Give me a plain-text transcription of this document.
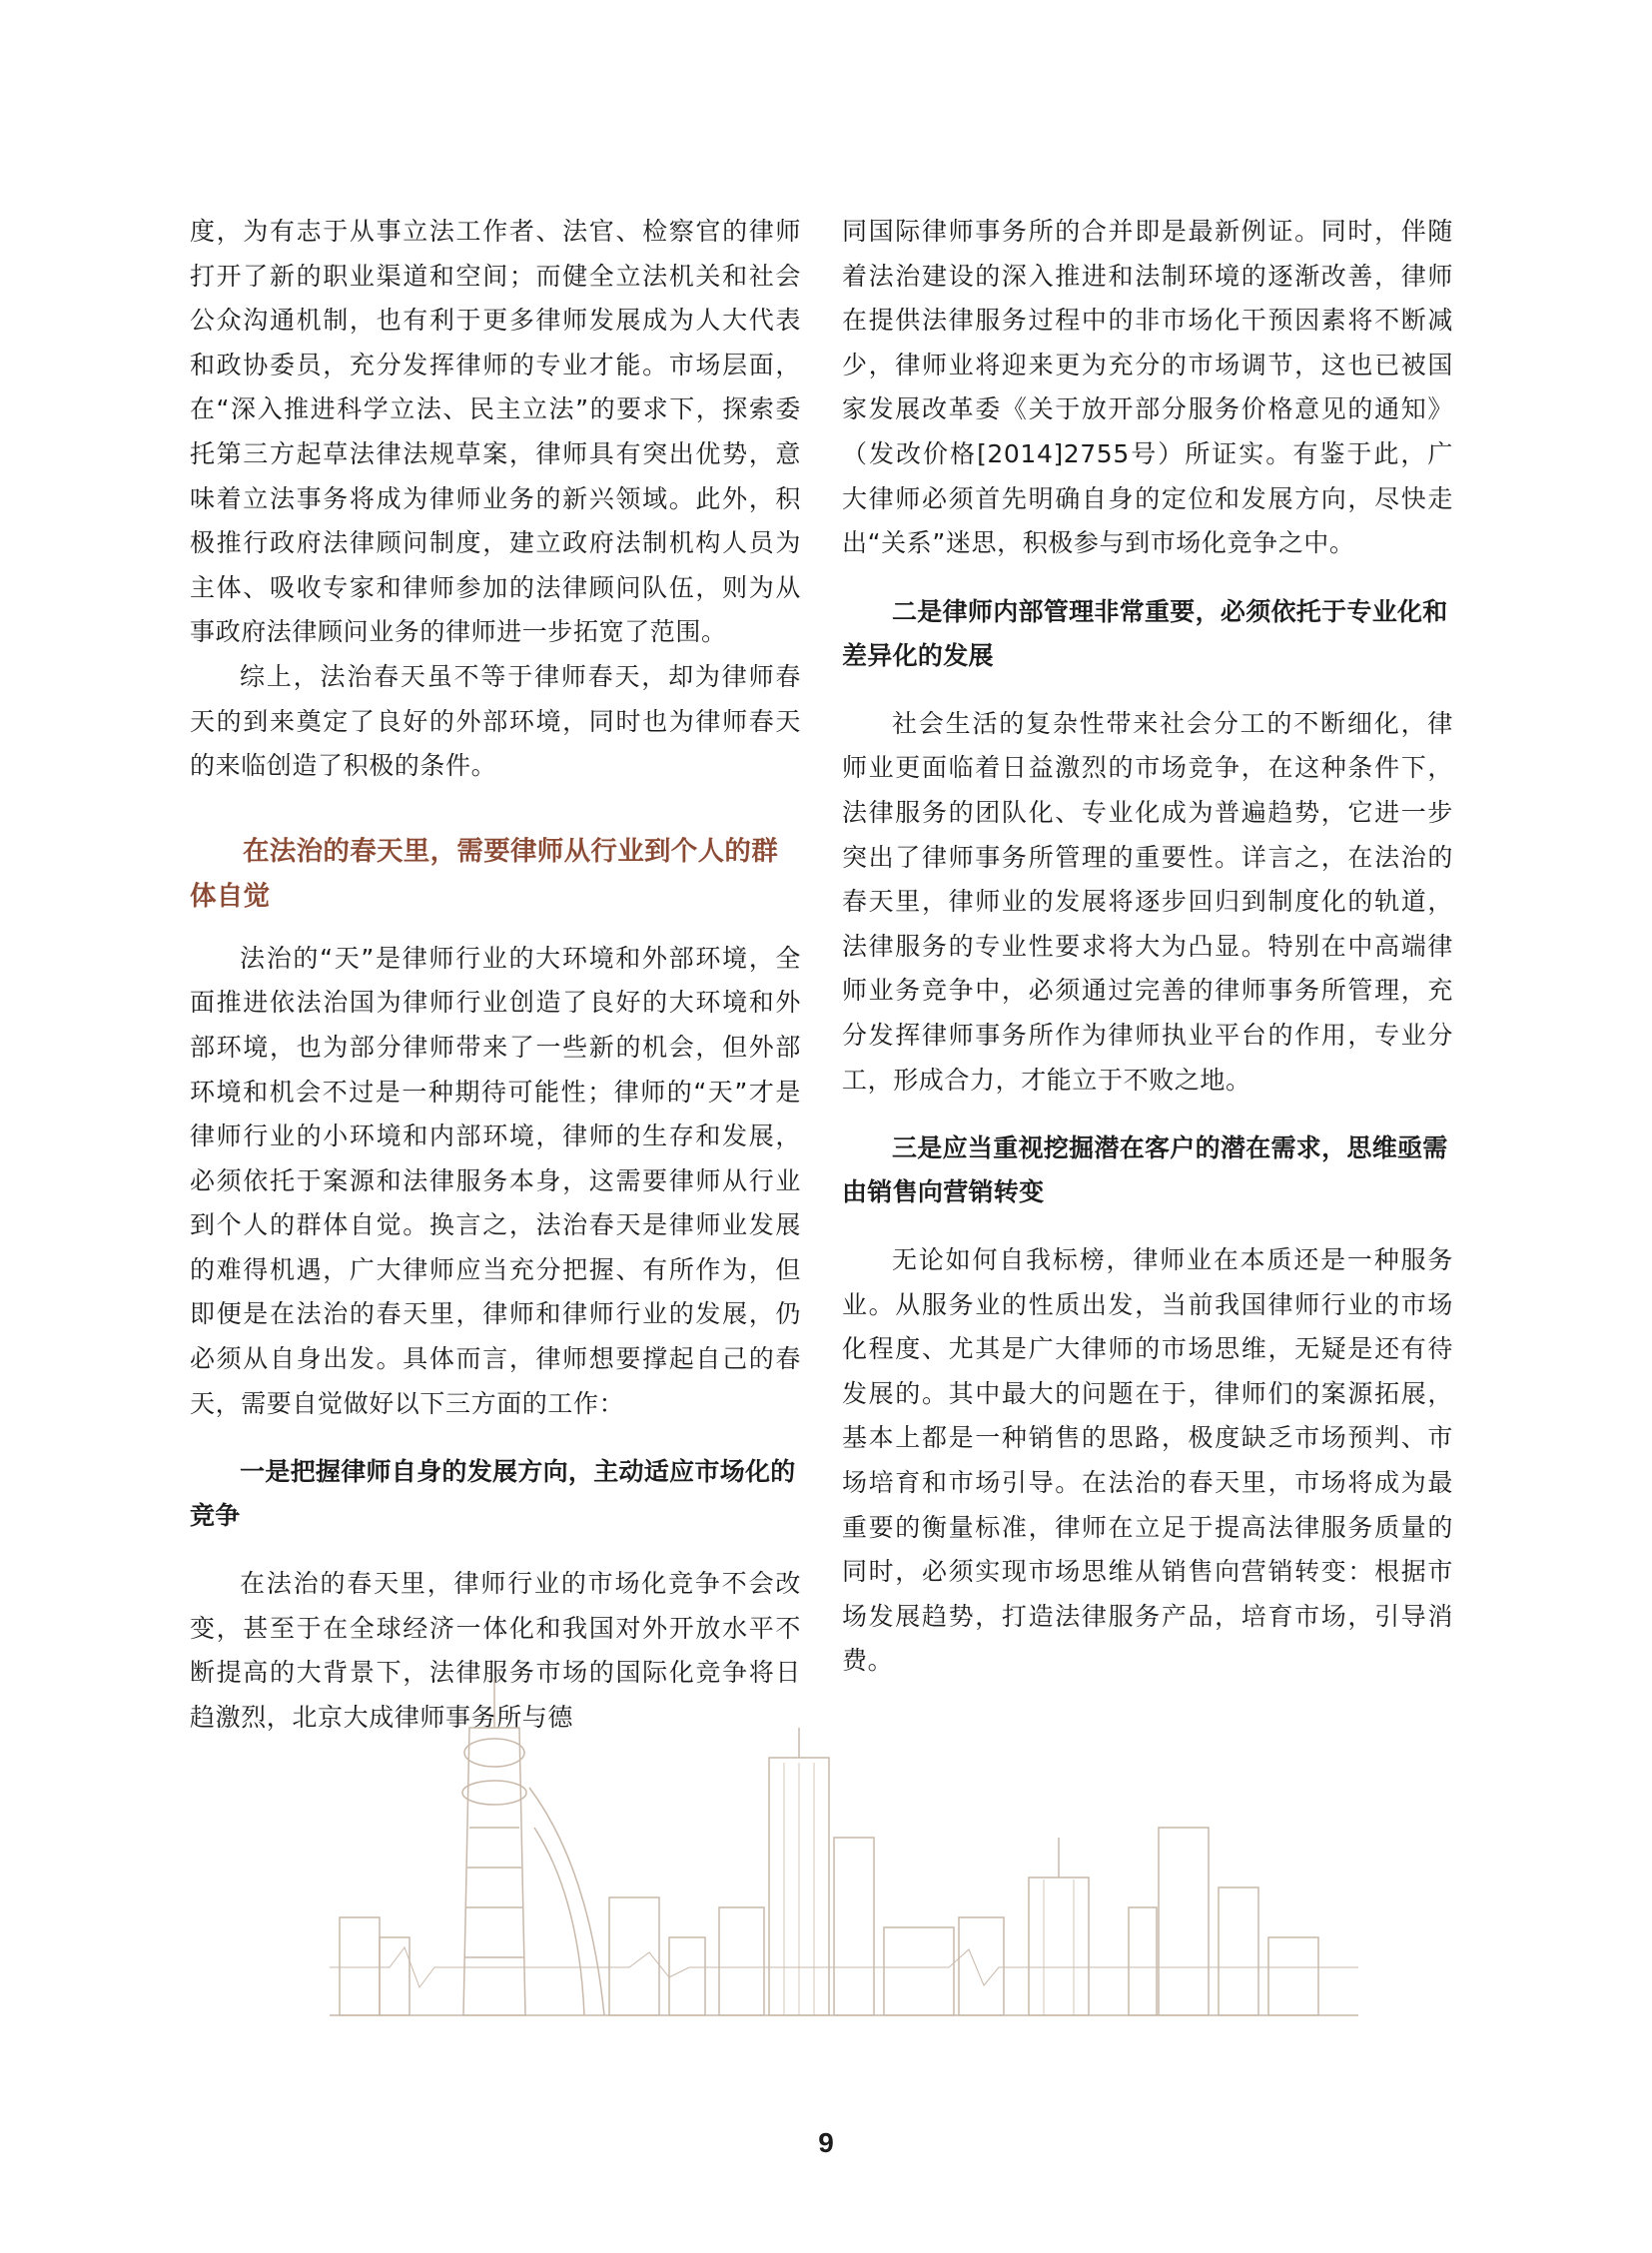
度，为有志于从事立法工作者、法官、检察官的律师打开了新的职业渠道和空间；而健全立法机关和社会公众沟通机制，也有利于更多律师发展成为人大代表和政协委员，充分发挥律师的专业才能。市场层面，在“深入推进科学立法、民主立法”的要求下，探索委托第三方起草法律法规草案，律师具有突出优势，意味着立法事务将成为律师业务的新兴领域。此外，积极推行政府法律顾问制度，建立政府法制机构人员为主体、吸收专家和律师参加的法律顾问队伍，则为从事政府法律顾问业务的律师进一步拓宽了范围。

综上，法治春天虽不等于律师春天，却为律师春天的到来奠定了良好的外部环境，同时也为律师春天的来临创造了积极的条件。

在法治的春天里，需要律师从行业到个人的群体自觉

法治的“天”是律师行业的大环境和外部环境，全面推进依法治国为律师行业创造了良好的大环境和外部环境，也为部分律师带来了一些新的机会，但外部环境和机会不过是一种期待可能性；律师的“天”才是律师行业的小环境和内部环境，律师的生存和发展，必须依托于案源和法律服务本身，这需要律师从行业到个人的群体自觉。换言之，法治春天是律师业发展的难得机遇，广大律师应当充分把握、有所作为，但即便是在法治的春天里，律师和律师行业的发展，仍必须从自身出发。具体而言，律师想要撑起自己的春天，需要自觉做好以下三方面的工作：

一是把握律师自身的发展方向，主动适应市场化的竞争

在法治的春天里，律师行业的市场化竞争不会改变，甚至于在全球经济一体化和我国对外开放水平不断提高的大背景下，法律服务市场的国际化竞争将日趋激烈，北京大成律师事务所与德

同国际律师事务所的合并即是最新例证。同时，伴随着法治建设的深入推进和法制环境的逐渐改善，律师在提供法律服务过程中的非市场化干预因素将不断减少，律师业将迎来更为充分的市场调节，这也已被国家发展改革委《关于放开部分服务价格意见的通知》（发改价格[2014]2755号）所证实。有鉴于此，广大律师必须首先明确自身的定位和发展方向，尽快走出“关系”迷思，积极参与到市场化竞争之中。

二是律师内部管理非常重要，必须依托于专业化和差异化的发展

社会生活的复杂性带来社会分工的不断细化，律师业更面临着日益激烈的市场竞争，在这种条件下，法律服务的团队化、专业化成为普遍趋势，它进一步突出了律师事务所管理的重要性。详言之，在法治的春天里，律师业的发展将逐步回归到制度化的轨道，法律服务的专业性要求将大为凸显。特别在中高端律师业务竞争中，必须通过完善的律师事务所管理，充分发挥律师事务所作为律师执业平台的作用，专业分工，形成合力，才能立于不败之地。

三是应当重视挖掘潜在客户的潜在需求，思维亟需由销售向营销转变

无论如何自我标榜，律师业在本质还是一种服务业。从服务业的性质出发，当前我国律师行业的市场化程度、尤其是广大律师的市场思维，无疑是还有待发展的。其中最大的问题在于，律师们的案源拓展，基本上都是一种销售的思路，极度缺乏市场预判、市场培育和市场引导。在法治的春天里，市场将成为最重要的衡量标准，律师在立足于提高法律服务质量的同时，必须实现市场思维从销售向营销转变：根据市场发展趋势，打造法律服务产品，培育市场，引导消费。

9
